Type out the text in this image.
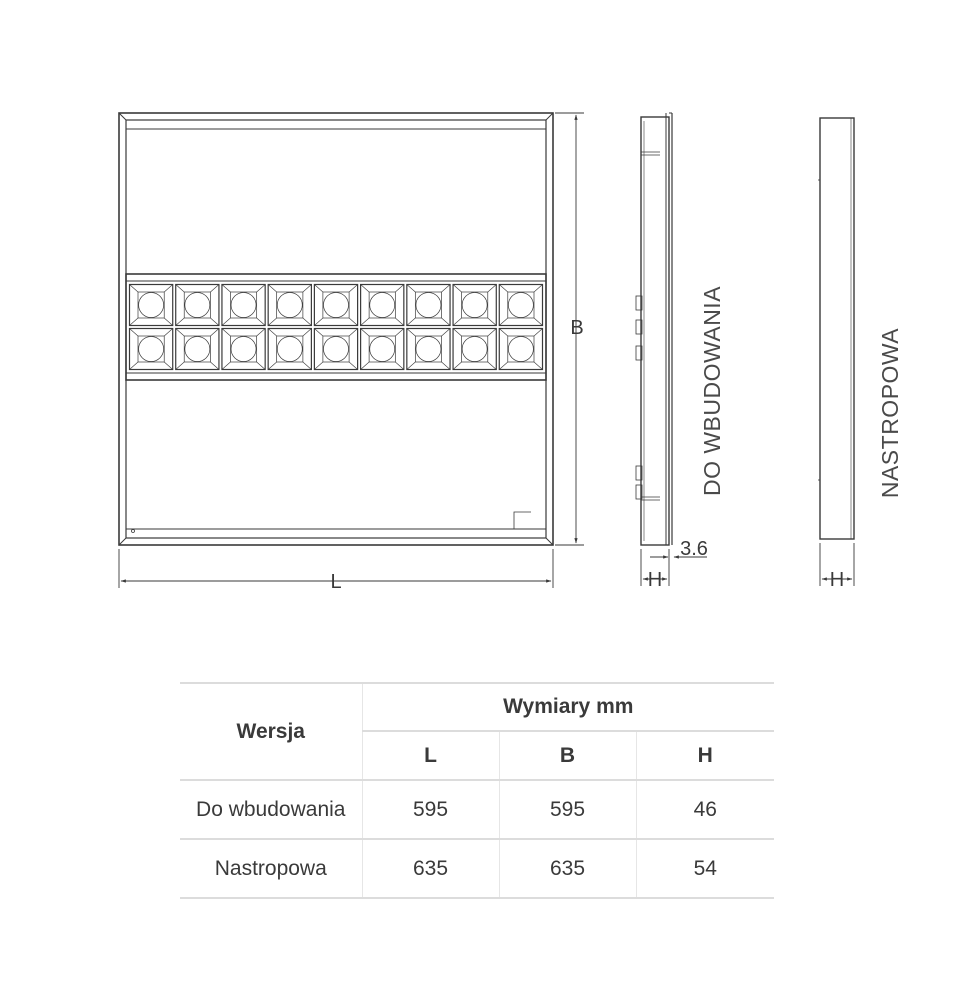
L
B
H
3.6
DO WBUDOWANIA
H
NASTROPOWA
Wersja	Wymiary mm		
	L	B	H
Do wbudowania	595	595	46
Nastropowa	635	635	54
